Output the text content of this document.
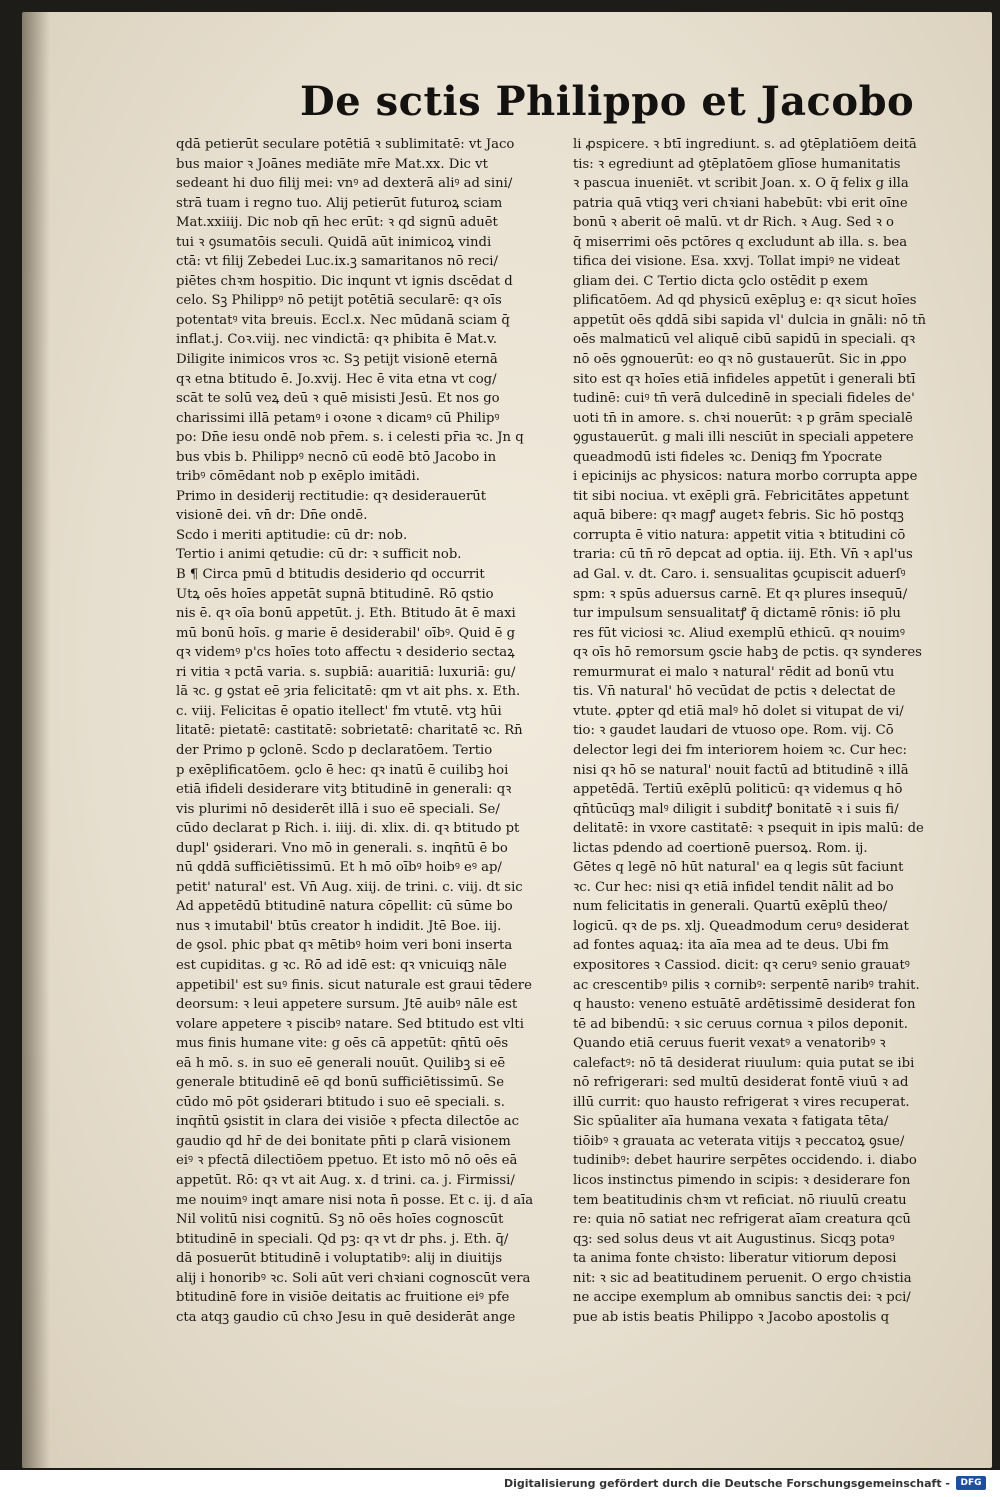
De sctis Philippo et Jacobo
qdā petierūt seculare potētiā ꝛ sublimitatē: vt Jaco
bus maior ꝛ Joānes mediāte mr̄e Mat.xx. Dic vt
sedeant hi duo filij mei: vnꝰ ad dexterā aliꝰ ad sini/
strā tuam i regno tuo. Alij petierūt futuroꝝ sciam
Mat.xxiiij. Dic nob qn̄ hec erūt: ꝛ qd signū aduēt
tui ꝛ ꝯsumatōis seculi. Quidā aūt inimicoꝝ vindi
ctā: vt filij Zebedei Luc.ix.ꝫ samaritanos nō reci/
piētes chꝛm hospitio. Dic inqunt vt ignis dscēdat d
celo. Sꝫ Philippꝰ nō petijt potētiā secularē: qꝛ oīs
potentatꝰ vita breuis. Eccl.x. Nec mūdanā sciam q̄
inflat.j. Coꝛ.viij. nec vindictā: qꝛ phibita ē Mat.v.
Diligite inimicos vros ꝛc. Sꝫ petijt visionē eternā
qꝛ etna btitudo ē. Jo.xvij. Hec ē vita etna vt cog/
scāt te solū veꝝ deū ꝛ quē misisti Jesū. Et nos go
charissimi illā petamꝰ i oꝛone ꝛ dicamꝰ cū Philipꝰ
po: Dn̄e iesu ondē nob pr̄em. s. i celesti pr̄ia ꝛc. Jn q
bus vbis b. Philippꝰ necnō cū eodē btō Jacobo in
tribꝰ cōmēdant nob p exēplo imitādi.
Primo in desiderij rectitudie: qꝛ desiderauerūt
visionē dei. vn̄ dr: Dn̄e ondē.
Scdo i meriti aptitudie: cū dr: nob.
Tertio i animi qetudie: cū dr: ꝛ sufficit nob.
B ¶ Circa pmū d btitudis desiderio qd occurrit
Utꝝ oēs hoīes appetāt supnā btitudinē. Rō qstio
nis ē. qꝛ oīa bonū appetūt. j. Eth. Btitudo āt ē maxi
mū bonū hoīs. g marie ē desiderabil' oībꝰ. Quid ē g
qꝛ videmꝰ p'cs hoīes toto affectu ꝛ desiderio sectaꝝ
ri vitia ꝛ pctā varia. s. supbiā: auaritiā: luxuriā: gu/
lā ꝛc. g ꝯstat eē ȝria felicitatē: qm vt ait phs. x. Eth.
c. viij. Felicitas ē opatio itellect' fm vtutē. vtꝫ hūi
litatē: pietatē: castitatē: sobrietatē: charitatē ꝛc. Rn̄
der Primo p ꝯclonē. Scdo p declaratōem. Tertio
p exēplificatōem. ꝯclo ē hec: qꝛ inatū ē cuilibꝫ hoi
etiā ifideli desiderare vitꝫ btitudinē in generali: qꝛ
vis plurimi nō desiderēt illā i suo eē speciali. Se/
cūdo declarat p Rich. i. iiij. di. xlix. di. qꝛ btitudo pt
dupl' ꝯsiderari. Vno mō in generali. s. inqn̄tū ē bo
nū qddā sufficiētissimū. Et h mō oībꝰ hoibꝰ eꝰ ap/
petit' natural' est. Vn̄ Aug. xiij. de trini. c. viij. dt sic
Ad appetēdū btitudinē natura cōpellit: cū sūme bo
nus ꝛ imutabil' btūs creator h indidit. Jtē Boe. iij.
de ꝯsol. phic pbat qꝛ mētibꝰ hoim veri boni inserta
est cupiditas. g ꝛc. Rō ad idē est: qꝛ vnicuiqꝫ nāle
appetibil' est suꝰ finis. sicut naturale est graui tēdere
deorsum: ꝛ leui appetere sursum. Jtē auibꝰ nāle est
volare appetere ꝛ piscibꝰ natare. Sed btitudo est vlti
mus finis humane vite: g oēs cā appetūt: qn̄tū oēs
eā h mō. s. in suo eē generali nouūt. Quilibꝫ si eē
generale btitudinē eē qd bonū sufficiētissimū. Se
cūdo mō pōt ꝯsiderari btitudo i suo eē speciali. s.
inqn̄tū ꝯsistit in clara dei visiōe ꝛ pfecta dilectōe ac
gaudio qd hr̄ de dei bonitate pn̄ti p clarā visionem
eiꝰ ꝛ pfectā dilectiōem ppetuo. Et isto mō nō oēs eā
appetūt. Rō: qꝛ vt ait Aug. x. d trini. ca. j. Firmissi/
me nouimꝰ inqt amare nisi nota n̄ posse. Et c. ij. d aīa
Nil volitū nisi cognitū. Sꝫ nō oēs hoīes cognoscūt
btitudinē in speciali. Qd pꝫ: qꝛ vt dr phs. j. Eth. q̄/
dā posuerūt btitudinē i voluptatibꝰ: alij in diuitijs
alij i honoribꝰ ꝛc. Soli aūt veri chꝛiani cognoscūt vera
btitudinē fore in visiōe deitatis ac fruitione eiꝰ pfe
cta atqꝫ gaudio cū chꝛo Jesu in quē desiderāt ange
li ꝓspicere. ꝛ btī ingrediunt. s. ad ꝯtēplatiōem deitā
tis: ꝛ egrediunt ad ꝯtēplatōem glīose humanitatis
ꝛ pascua inueniēt. vt scribit Joan. x. O q̄ felix g illa
patria quā vtiqꝫ veri chꝛiani habebūt: vbi erit oīne
bonū ꝛ aberit oē malū. vt dr Rich. ꝛ Aug. Sed ꝛ o
q̄ miserrimi oēs pctōres q excludunt ab illa. s. bea
tifica dei visione. Esa. xxvj. Tollat impiꝰ ne videat
gliam dei. C Tertio dicta ꝯclo ostēdit p exem
plificatōem. Ad qd physicū exēpluꝫ e: qꝛ sicut hoīes
appetūt oēs qddā sibi sapida vl' dulcia in gnāli: nō tn̄
oēs malmaticū vel aliquē cibū sapidū in speciali. qꝛ
nō oēs ꝯgnouerūt: eo qꝛ nō gustauerūt. Sic in ꝓpo
sito est qꝛ hoīes etiā infideles appetūt i generali btī
tudinē: cuiꝰ tn̄ verā dulcedinē in speciali fideles de'
uoti tn̄ in amore. s. chꝛi nouerūt: ꝛ p grām specialē
ꝯgustauerūt. g mali illi nesciūt in speciali appetere
queadmodū isti fideles ꝛc. Deniqꝫ fm Ypocrate
i epicinijs ac physicos: natura morbo corrupta appe
tit sibi nociua. vt exēpli grā. Febricitātes appetunt
aquā bibere: qꝛ magꝭ augetꝛ febris. Sic hō postqꝫ
corrupta ē vitio natura: appetit vitia ꝛ btitudini cō
traria: cū tn̄ rō depcat ad optia. iij. Eth. Vn̄ ꝛ apl'us
ad Gal. v. dt. Caro. i. sensualitas ꝯcupiscit aduerſꝰ
spm: ꝛ spūs aduersus carnē. Et qꝛ plures insequū/
tur impulsum sensualitatꝭ q̄ dictamē rōnis: iō plu
res fūt viciosi ꝛc. Aliud exemplū ethicū. qꝛ nouimꝰ
qꝛ oīs hō remorsum ꝯscie habꝫ de pctis. qꝛ synderes
remurmurat ei malo ꝛ natural' rēdit ad bonū vtu
tis. Vn̄ natural' hō vecūdat de pctis ꝛ delectat de
vtute. ꝓpter qd etiā malꝰ hō dolet si vitupat de vi/
tio: ꝛ gaudet laudari de vtuoso ope. Rom. vij. Cō
delector legi dei fm interiorem hoiem ꝛc. Cur hec:
nisi qꝛ hō se natural' nouit factū ad btitudinē ꝛ illā
appetēdā. Tertiū exēplū politicū: qꝛ videmus q hō
qn̄tūcūqꝫ malꝰ diligit i subditꝭ bonitatē ꝛ i suis fi/
delitatē: in vxore castitatē: ꝛ psequit in ipis malū: de
lictas pdendo ad coertionē puersoꝝ. Rom. ij.
Gētes q legē nō hūt natural' ea q legis sūt faciunt
ꝛc. Cur hec: nisi qꝛ etiā infidel tendit nālit ad bo
num felicitatis in generali. Quartū exēplū theo/
logicū. qꝛ de ps. xlj. Queadmodum ceruꝰ desiderat
ad fontes aquaꝝ: ita aīa mea ad te deus. Ubi fm
expositores ꝛ Cassiod. dicit: qꝛ ceruꝰ senio grauatꝰ
ac crescentibꝰ pilis ꝛ cornibꝰ: serpentē naribꝰ trahit.
q hausto: veneno estuātē ardētissimē desiderat fon
tē ad bibendū: ꝛ sic ceruus cornua ꝛ pilos deponit.
Quando etiā ceruus fuerit vexatꝰ a venatoribꝰ ꝛ
calefactꝰ: nō tā desiderat riuulum: quia putat se ibi
nō refrigerari: sed multū desiderat fontē viuū ꝛ ad
illū currit: quo hausto refrigerat ꝛ vires recuperat.
Sic spūaliter aīa humana vexata ꝛ fatigata tēta/
tiōibꝰ ꝛ grauata ac veterata vitijs ꝛ peccatoꝝ ꝯsue/
tudinibꝰ: debet haurire serpētes occidendo. i. diabo
licos instinctus pimendo in scipis: ꝛ desiderare fon
tem beatitudinis chꝛm vt reficiat. nō riuulū creatu
re: quia nō satiat nec refrigerat aīam creatura qcū
qꝫ: sed solus deus vt ait Augustinus. Sicqꝫ potaꝰ
ta anima fonte chꝛisto: liberatur vitiorum deposi
nit: ꝛ sic ad beatitudinem peruenit. O ergo chꝛistia
ne accipe exemplum ab omnibus sanctis dei: ꝛ pci/
pue ab istis beatis Philippo ꝛ Jacobo apostolis q
Digitalisierung gefördert durch die Deutsche Forschungsgemeinschaft -	DFG
